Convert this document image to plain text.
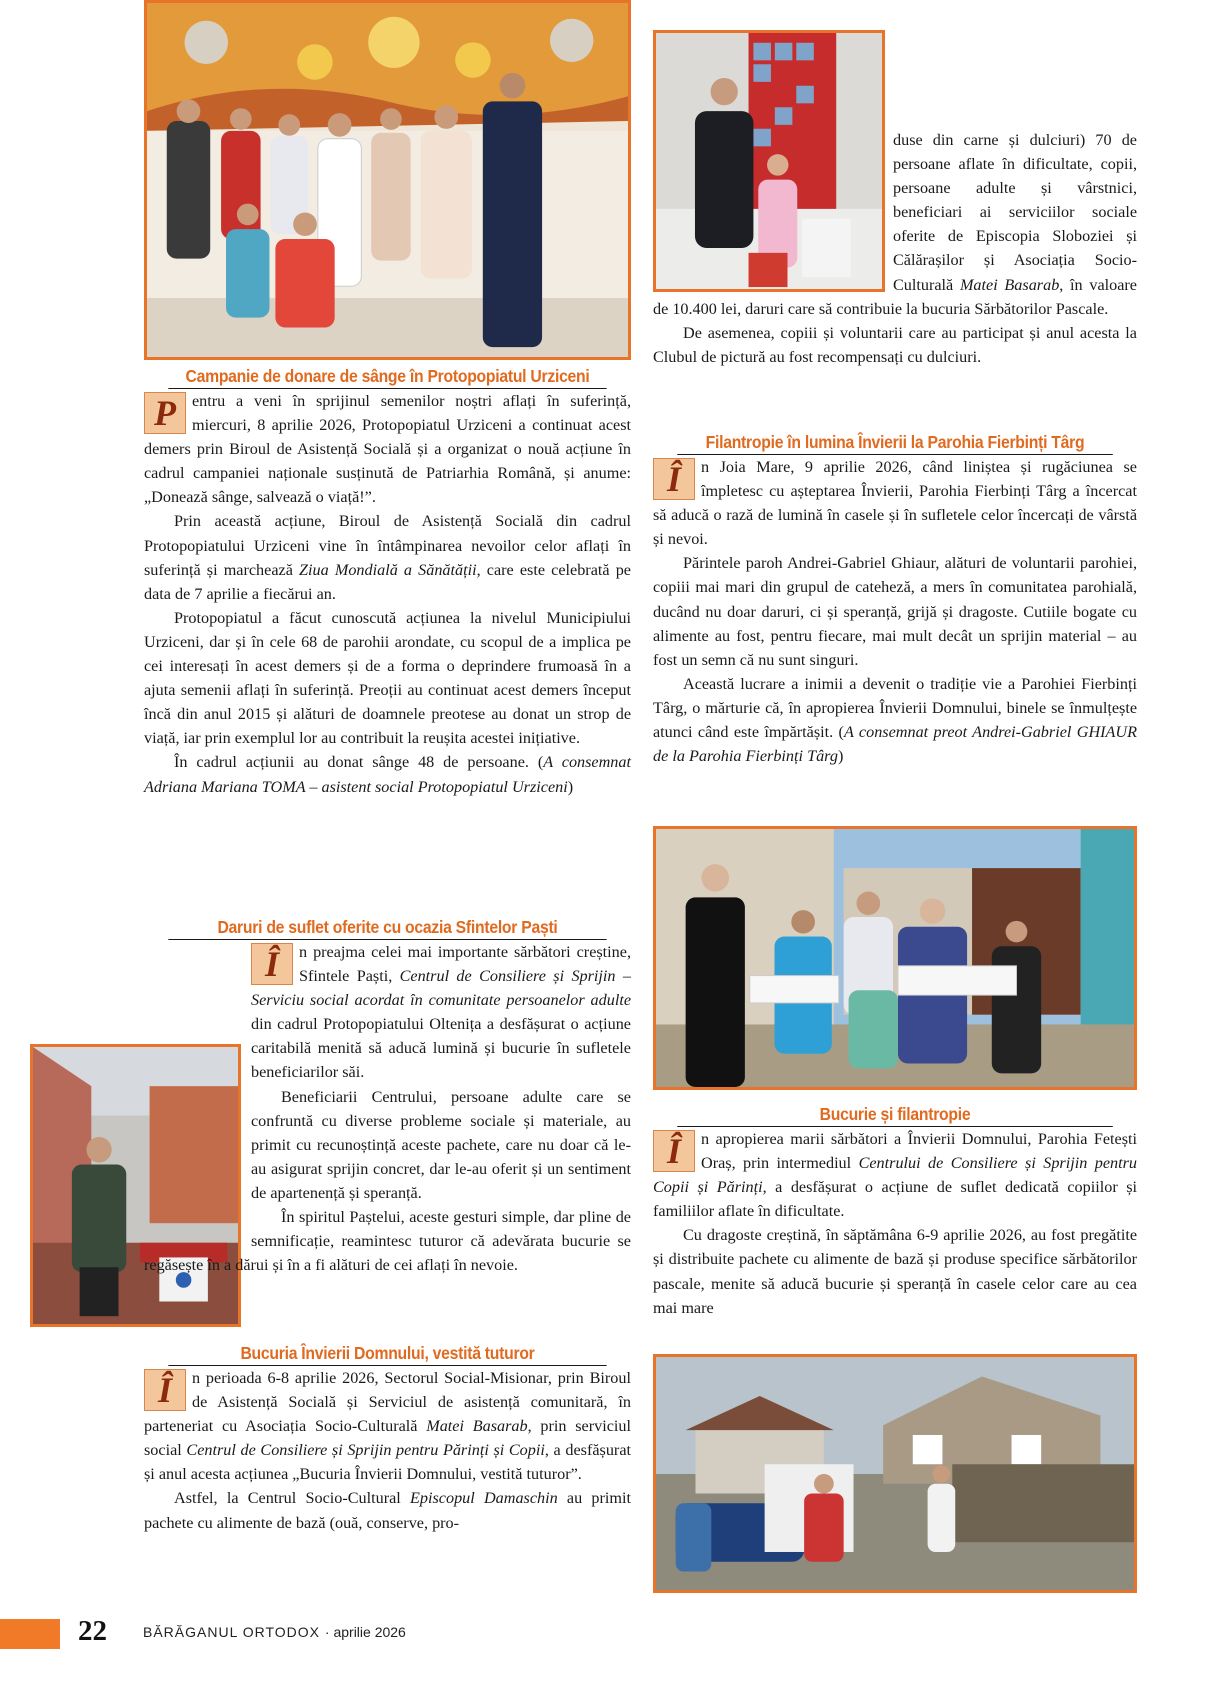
Campanie de donare de sânge în Protopopiatul Urziceni

P entru a veni în sprijinul semenilor noștri aflați în suferință, miercuri, 8 aprilie 2026, Protopopiatul Urziceni a continuat acest demers prin Biroul de Asistență Socială și a organizat o nouă acțiune în cadrul campaniei naționale susținută de Patriarhia Română, și anume: „Donează sânge, salvează o viață!”.

Prin această acțiune, Biroul de Asistență Socială din cadrul Protopopiatului Urziceni vine în întâmpinarea nevoilor celor aflați în suferință și marchează Ziua Mondială a Sănătății, care este celebrată pe data de 7 aprilie a fiecărui an.

Protopopiatul a făcut cunoscută acțiunea la nivelul Municipiului Urziceni, dar și în cele 68 de parohii arondate, cu scopul de a implica pe cei interesați în acest demers și de a forma o deprindere frumoasă în a ajuta semenii aflați în suferință. Preoții au continuat acest demers început încă din anul 2015 și alături de doamnele preotese au donat un strop de viață, iar prin exemplul lor au contribuit la reușita acestei inițiative.

În cadrul acțiunii au donat sânge 48 de persoane. (A consemnat Adriana Mariana TOMA – asistent social Protopopiatul Urziceni)

Daruri de suflet oferite cu ocazia Sfintelor Paști

Î	n preajma celei mai importante sărbători creștine, Sfintele Paști, Centrul de Consiliere și Sprijin – Serviciu social acordat în comunitate persoanelor adulte din cadrul Protopopiatului Oltenița a desfășurat o acțiune caritabilă menită să aducă lumină și bucurie în sufletele beneficiarilor săi.

Beneficiarii Centrului, persoane adulte care se confruntă cu diverse probleme sociale și materiale, au primit cu recunoștință aceste pachete, care nu doar că le-au asigurat sprijin concret, dar le-au oferit și un sentiment de apartenență și speranță.

În spiritul Paștelui, aceste gesturi simple, dar pline de semnificație, reamintesc tuturor că adevărata bucurie se regăsește în a dărui și în a fi alături de cei aflați în nevoie.

Bucuria Învierii Domnului, vestită tuturor

Î	n perioada 6-8 aprilie 2026, Sectorul Social-Misionar, prin Biroul de Asistență Socială și Serviciul de asistență comunitară, în parteneriat cu Asociația Socio-Culturală Matei Basarab, prin serviciul social Centrul de Consiliere și Sprijin pentru Părinți și Copii, a desfășurat și anul acesta acțiunea „Bucuria Învierii Domnului, vestită tuturor”.

Astfel, la Centrul Socio-Cultural Episcopul Damaschin au primit pachete cu alimente de bază (ouă, conserve, pro-

duse din carne și dulciuri) 70 de persoane aflate în dificultate, copii, persoane adulte și vârstnici, beneficiari ai serviciilor sociale oferite de Episcopia Sloboziei și Călărașilor și Asociația Socio-Culturală Matei Basarab, în valoare de 10.400 lei, daruri care să contribuie la bucuria Sărbătorilor Pascale.

De asemenea, copiii și voluntarii care au participat și anul acesta la Clubul de pictură au fost recompensați cu dulciuri.

Filantropie în lumina Învierii la Parohia Fierbinți Târg

Î	n Joia Mare, 9 aprilie 2026, când liniștea și rugăciunea se împletesc cu așteptarea Învierii, Parohia Fierbinți Târg a încercat să aducă o rază de lumină în casele și în sufletele celor încercați de vârstă și nevoi.

Părintele paroh Andrei-Gabriel Ghiaur, alături de voluntarii parohiei, copiii mai mari din grupul de cateheză, a mers în comunitatea parohială, ducând nu doar daruri, ci și speranță, grijă și dragoste. Cutiile bogate cu alimente au fost, pentru fiecare, mai mult decât un sprijin material – au fost un semn că nu sunt singuri.

Această lucrare a inimii a devenit o tradiție vie a Parohiei Fierbinți Târg, o mărturie că, în apropierea Învierii Domnului, binele se înmulțește atunci când este împărtășit. (A consemnat preot Andrei-Gabriel GHIAUR de la Parohia Fierbinți Târg)

Bucurie și filantropie

Î	n apropierea marii sărbători a Învierii Domnului, Parohia Fetești Oraș, prin intermediul Centrului de Consiliere și Sprijin pentru Copii și Părinți, a desfășurat o acțiune de suflet dedicată copiilor și familiilor aflate în dificultate.

Cu dragoste creștină, în săptămâna 6-9 aprilie 2026, au fost pregătite și distribuite pachete cu alimente de bază și produse specifice sărbătorilor pascale, menite să aducă bucurie și speranță în casele celor care au cea mai mare

22	BĂRĂGANUL ORTODOX · aprilie 2026
